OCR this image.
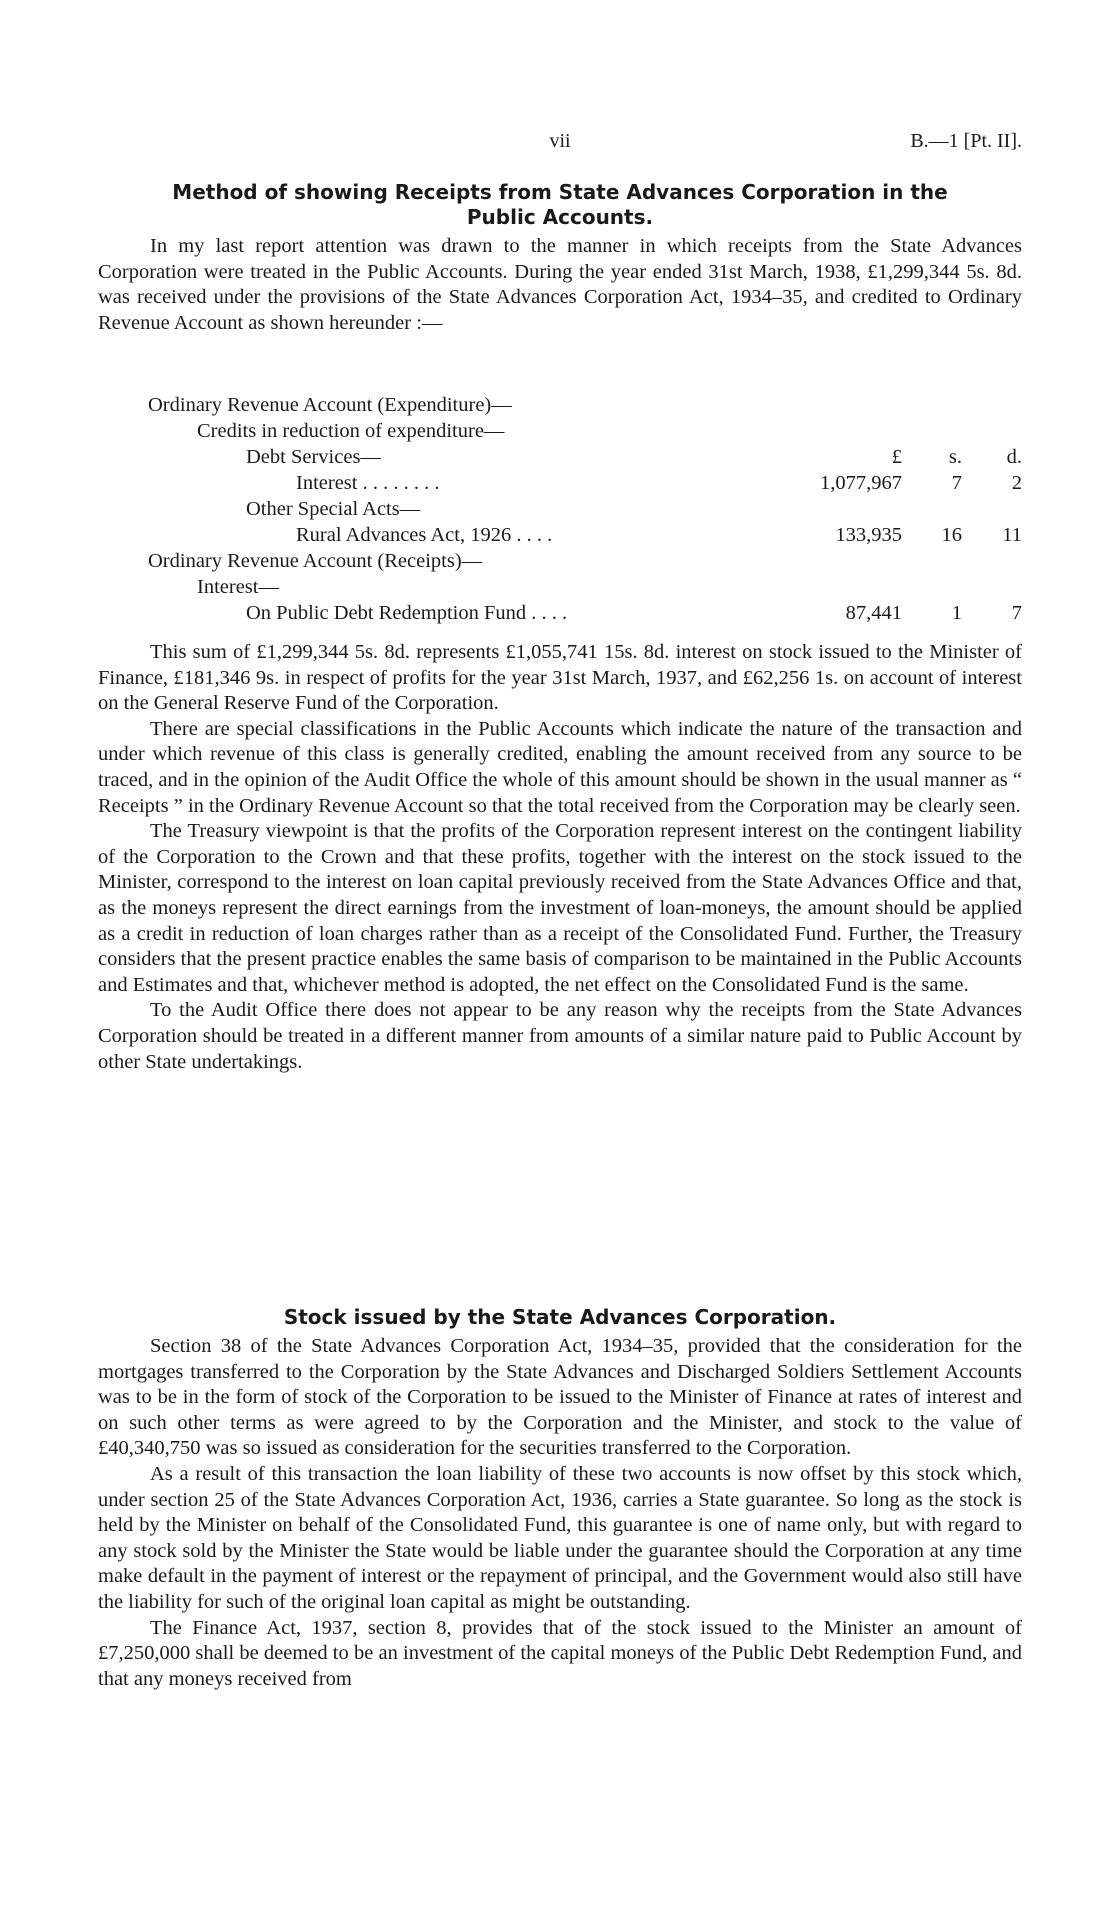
vii	B.—1 [Pt. II].
Method of showing Receipts from State Advances Corporation in the
Public Accounts.

In my last report attention was drawn to the manner in which receipts from the State Advances Corporation were treated in the Public Accounts. During the year ended 31st March, 1938, £1,299,344 5s. 8d. was received under the provisions of the State Advances Corporation Act, 1934–35, and credited to Ordinary Revenue Account as shown hereunder :—

Ordinary Revenue Account (Expenditure)—
Credits in reduction of expenditure—
Debt Services—	£	s.	d.
Interest . . . . . . . .	1,077,967	7	2
Other Special Acts—
Rural Advances Act, 1926 . . . .	133,935	16	11
Ordinary Revenue Account (Receipts)—
Interest—
On Public Debt Redemption Fund . . . .	87,441	1	7

This sum of £1,299,344 5s. 8d. represents £1,055,741 15s. 8d. interest on stock issued to the Minister of Finance, £181,346 9s. in respect of profits for the year 31st March, 1937, and £62,256 1s. on account of interest on the General Reserve Fund of the Corporation.

There are special classifications in the Public Accounts which indicate the nature of the transaction and under which revenue of this class is generally credited, enabling the amount received from any source to be traced, and in the opinion of the Audit Office the whole of this amount should be shown in the usual manner as “ Receipts ” in the Ordinary Revenue Account so that the total received from the Corporation may be clearly seen.

The Treasury viewpoint is that the profits of the Corporation represent interest on the contingent liability of the Corporation to the Crown and that these profits, together with the interest on the stock issued to the Minister, correspond to the interest on loan capital previously received from the State Advances Office and that, as the moneys represent the direct earnings from the investment of loan-moneys, the amount should be applied as a credit in reduction of loan charges rather than as a receipt of the Consolidated Fund. Further, the Treasury considers that the present practice enables the same basis of comparison to be maintained in the Public Accounts and Estimates and that, whichever method is adopted, the net effect on the Consolidated Fund is the same.

To the Audit Office there does not appear to be any reason why the receipts from the State Advances Corporation should be treated in a different manner from amounts of a similar nature paid to Public Account by other State undertakings.

Stock issued by the State Advances Corporation.

Section 38 of the State Advances Corporation Act, 1934–35, provided that the consideration for the mortgages transferred to the Corporation by the State Advances and Discharged Soldiers Settlement Accounts was to be in the form of stock of the Corporation to be issued to the Minister of Finance at rates of interest and on such other terms as were agreed to by the Corporation and the Minister, and stock to the value of £40,340,750 was so issued as consideration for the securities transferred to the Corporation.

As a result of this transaction the loan liability of these two accounts is now offset by this stock which, under section 25 of the State Advances Corporation Act, 1936, carries a State guarantee. So long as the stock is held by the Minister on behalf of the Consolidated Fund, this guarantee is one of name only, but with regard to any stock sold by the Minister the State would be liable under the guarantee should the Corporation at any time make default in the payment of interest or the repayment of principal, and the Government would also still have the liability for such of the original loan capital as might be outstanding.

The Finance Act, 1937, section 8, provides that of the stock issued to the Minister an amount of £7,250,000 shall be deemed to be an investment of the capital moneys of the Public Debt Redemption Fund, and that any moneys received from
